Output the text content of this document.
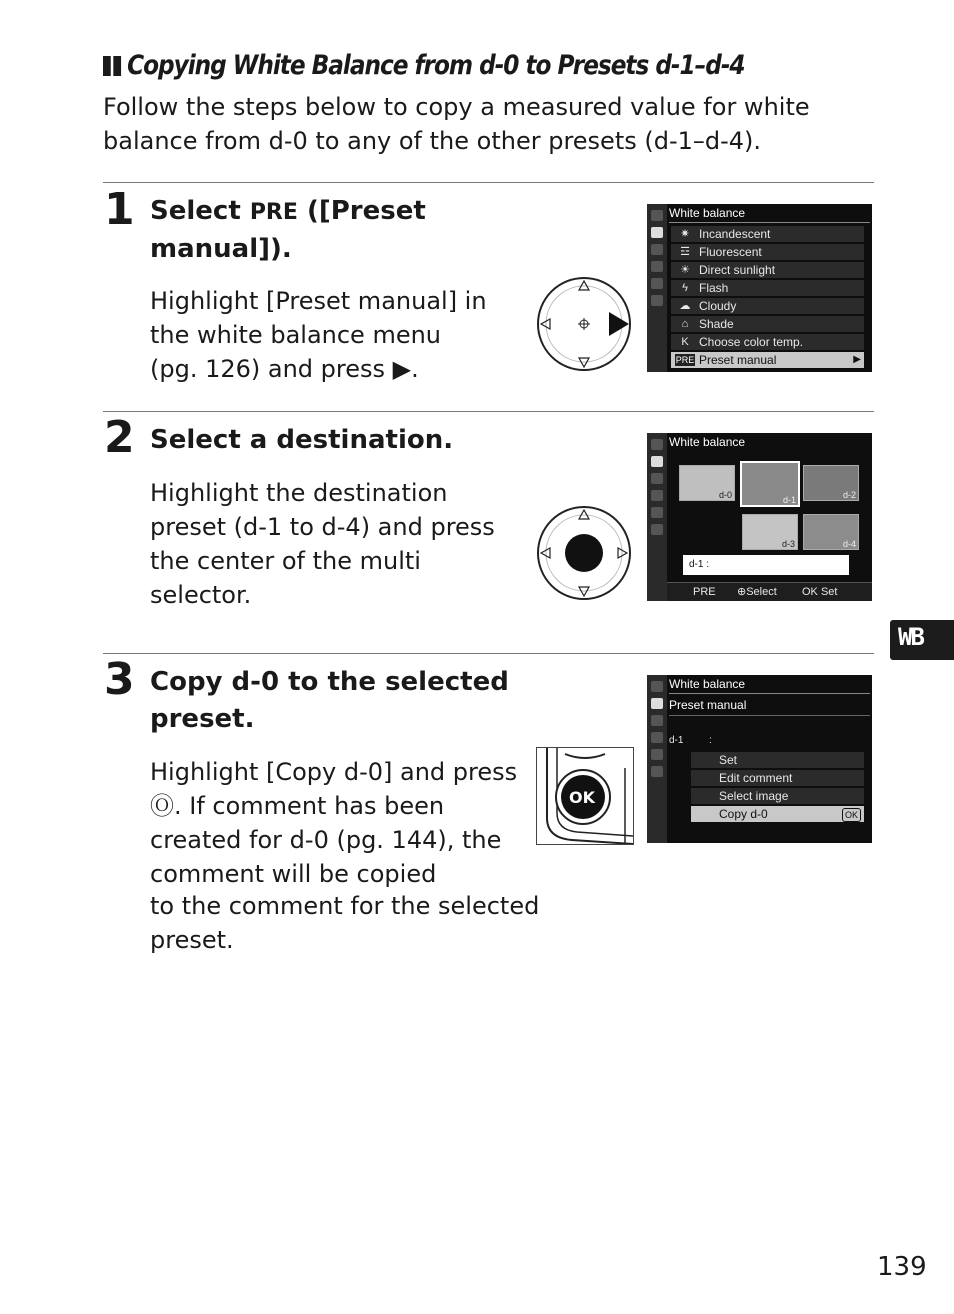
Copying White Balance from d-0 to Presets d-1–d-4
Follow the steps below to copy a measured value for white balance from d-0 to any of the other presets (d-1–d-4).
1 Select PRE ([Preset manual]).
Highlight [Preset manual] in the white balance menu (pg. 126) and press ▶.
White balance
✷ Incandescent
☲ Fluorescent
☀ Direct sunlight
ϟ Flash
☁ Cloudy
⌂ Shade
K Choose color temp.
PRE Preset manual	▶
2 Select a destination.
Highlight the destination preset (d-1 to d-4) and press the center of the multi selector.
White balance
d-0	d-1	d-2
d-3	d-4
d-1 :
PRE ⊕Select OK Set
WB
3 Copy d-0 to the selected preset.
Highlight [Copy d-0] and press Ⓞ. If comment has been created for d-0 (pg. 144), the comment will be copied
to the comment for the selected preset.
OK
White balance
Preset manual
d-1	:
Set
Edit comment
Select image
Copy d-0	OK
139
